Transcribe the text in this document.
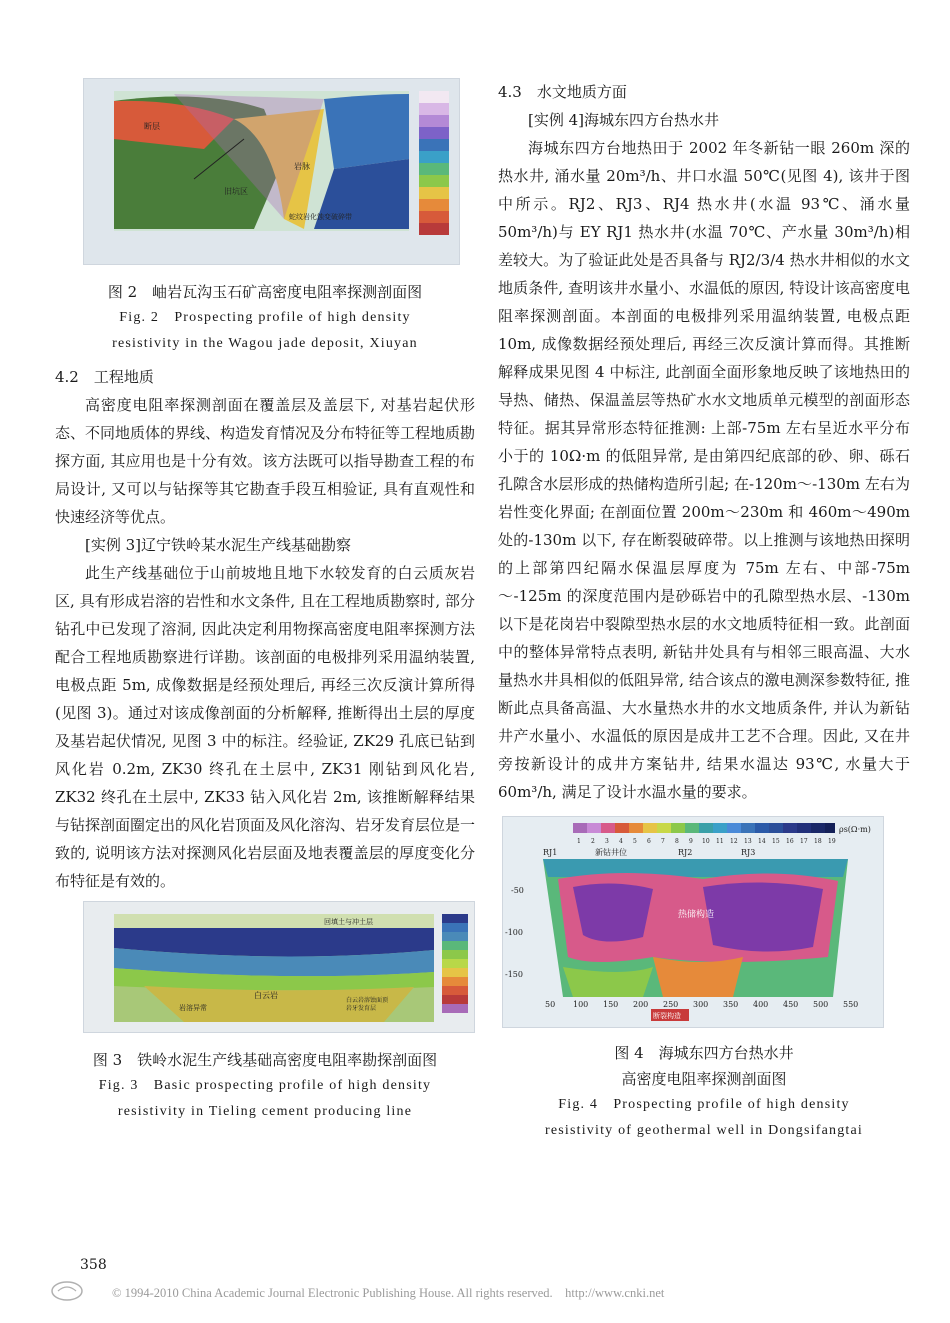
岩脉
旧坑区
蛇纹岩化蚀变破碎带
断层
图 2　岫岩瓦沟玉石矿高密度电阻率探测剖面图
Fig. 2　Prospecting profile of high density
resistivity in the Wagou jade deposit, Xiuyan
4.2　工程地质

高密度电阻率探测剖面在覆盖层及盖层下, 对基岩起伏形态、不同地质体的界线、构造发育情况及分布特征等工程地质勘探方面, 其应用也是十分有效。该方法既可以指导勘查工程的布局设计, 又可以与钻探等其它勘查手段互相验证, 具有直观性和快速经济等优点。

[实例 3]辽宁铁岭某水泥生产线基础勘察

此生产线基础位于山前坡地且地下水较发育的白云质灰岩区, 具有形成岩溶的岩性和水文条件, 且在工程地质勘察时, 部分钻孔中已发现了溶洞, 因此决定利用物探高密度电阻率探测方法配合工程地质勘察进行详勘。该剖面的电极排列采用温纳装置, 电极点距 5m, 成像数据是经预处理后, 再经三次反演计算所得(见图 3)。通过对该成像剖面的分析解释, 推断得出土层的厚度及基岩起伏情况, 见图 3 中的标注。经验证, ZK29 孔底已钻到风化岩 0.2m, ZK30 终孔在土层中, ZK31 刚钻到风化岩, ZK32 终孔在土层中, ZK33 钻入风化岩 2m, 该推断解释结果与钻探剖面圈定出的风化岩顶面及风化溶沟、岩牙发育层位是一致的, 说明该方法对探测风化岩层面及地表覆盖层的厚度变化分布特征是有效的。

回填土与冲土层
白云岩
岩溶异常
白云岩溶蚀面顶
岩牙发育层
图 3　铁岭水泥生产线基础高密度电阻率勘探剖面图
Fig. 3　Basic prospecting profile of high density
resistivity in Tieling cement producing line
4.3　水文地质方面
[实例 4]海城东四方台热水井

海城东四方台地热田于 2002 年冬新钻一眼 260m 深的热水井, 涌水量 20m³/h、井口水温 50℃(见图 4), 该井于图中所示。RJ2、RJ3、RJ4 热水井(水温 93℃、涌水量 50m³/h)与 EY RJ1 热水井(水温 70℃、产水量 30m³/h)相差较大。为了验证此处是否具备与 RJ2/3/4 热水井相似的水文地质条件, 查明该井水量小、水温低的原因, 特设计该高密度电阻率探测剖面。本剖面的电极排列采用温纳装置, 电极点距 10m, 成像数据经预处理后, 再经三次反演计算而得。其推断解释成果见图 4 中标注, 此剖面全面形象地反映了该地热田的导热、储热、保温盖层等热矿水水文地质单元模型的剖面形态特征。据其异常形态特征推测: 上部-75m 左右呈近水平分布小于的 10Ω·m 的低阻异常, 是由第四纪底部的砂、卵、砾石孔隙含水层形成的热储构造所引起; 在-120m～-130m 左右为岩性变化界面; 在剖面位置 200m～230m 和 460m～490m 处的-130m 以下, 存在断裂破碎带。以上推测与该地热田探明的上部第四纪隔水保温层厚度为 75m 左右、中部-75m～-125m 的深度范围内是砂砾岩中的孔隙型热水层、-130m 以下是花岗岩中裂隙型热水层的水文地质特征相一致。此剖面中的整体异常特点表明, 新钻井处具有与相邻三眼高温、大水量热水井具相似的低阻异常, 结合该点的激电测深参数特征, 推断此点具备高温、大水量热水井的水文地质条件, 并认为新钻井产水量小、水温低的原因是成井工艺不合理。因此, 又在井旁按新设计的成井方案钻井, 结果水温达 93℃, 水量大于 60m³/h, 满足了设计水温水量的要求。

ρs(Ω·m)
1 2 3 4 5 6 7 8 9 10 11 12 13 14 15 16 17 18 19
RJ1	新钻井位	RJ2	RJ3
热储构造
断裂构造
-50
-100
-150
50 100 150 200 250 300 350 400 450 500 550
图 4　海城东四方台热水井
高密度电阻率探测剖面图
Fig. 4　Prospecting profile of high density
resistivity of geothermal well in Dongsifangtai
358
© 1994-2010 China Academic Journal Electronic Publishing House. All rights reserved.　http://www.cnki.net
